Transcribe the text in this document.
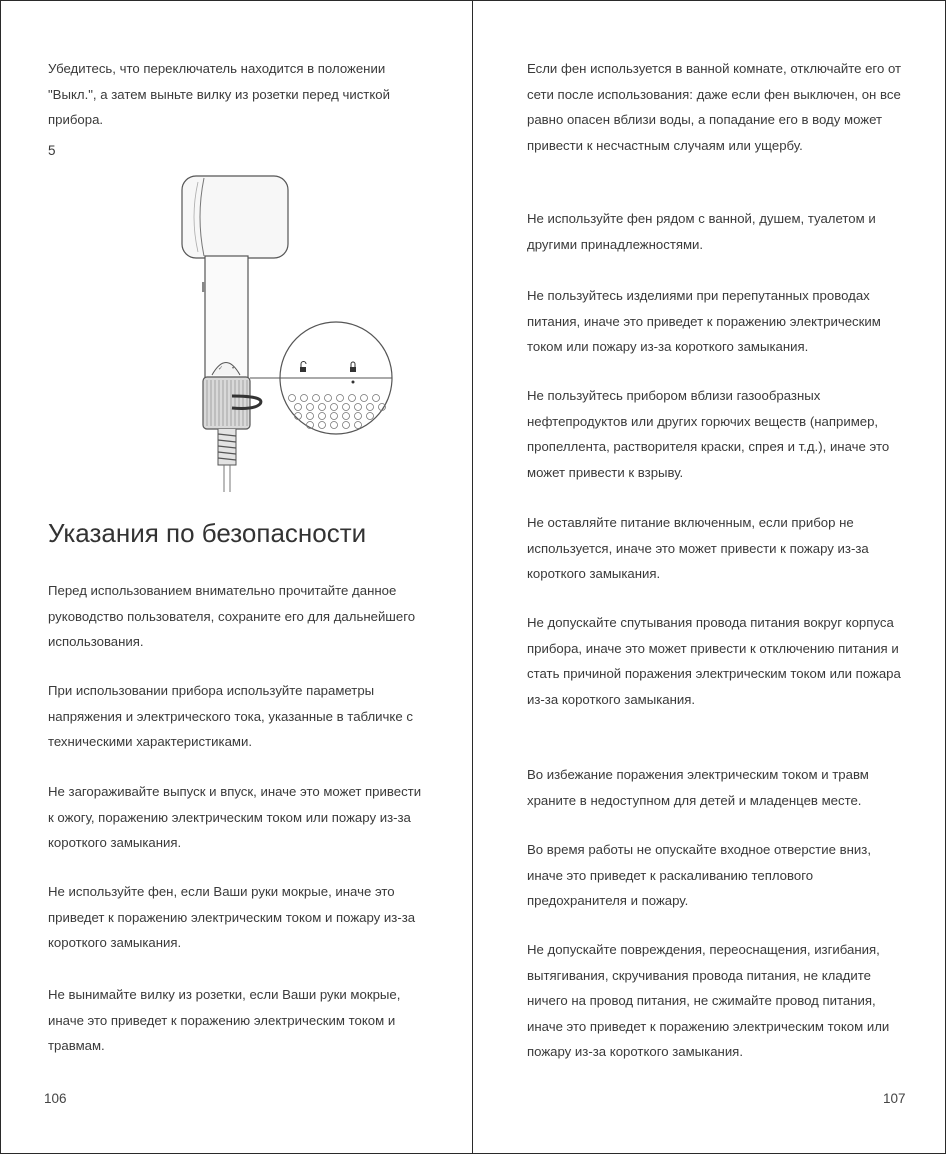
Убедитесь, что переключатель находится в положении "Выкл.", а затем выньте вилку из розетки перед чисткой прибора.

5
✓ •
Указания по безопасности

Перед использованием внимательно прочитайте данное руководство пользователя, сохраните его для дальнейшего использования.

При использовании прибора используйте параметры напряжения и электрического тока, указанные в табличке с техническими характеристиками.

Не загораживайте выпуск и впуск, иначе это может привести к ожогу, поражению электрическим током или пожару из-за короткого замыкания.

Не используйте фен, если Ваши руки мокрые, иначе это приведет к поражению электрическим током и пожару из-за короткого замыкания.

Не вынимайте вилку из розетки, если Ваши руки мокрые, иначе это приведет к поражению электрическим током и травмам.

106

Если фен используется в ванной комнате, отключайте его от сети после использования: даже если фен выключен, он все равно опасен вблизи воды, а попадание его в воду может привести к несчастным случаям или ущербу.

Не используйте фен рядом с ванной, душем, туалетом и другими принадлежностями.

Не пользуйтесь изделиями при перепутанных проводах питания, иначе это приведет к поражению электрическим током или пожару из-за короткого замыкания.

Не пользуйтесь прибором вблизи газообразных нефтепродуктов или других горючих веществ (например, пропеллента, растворителя краски, спрея и т.д.), иначе это может привести к взрыву.

Не оставляйте питание включенным, если прибор не используется, иначе это может привести к пожару из-за короткого замыкания.

Не допускайте спутывания провода питания вокруг корпуса прибора, иначе это может привести к отключению питания и стать причиной поражения электрическим током или пожара из-за короткого замыкания.

Во избежание поражения электрическим током и травм храните в недоступном для детей и младенцев месте.

Во время работы не опускайте входное отверстие вниз, иначе это приведет к раскаливанию теплового предохранителя и пожару.

Не допускайте повреждения, переоснащения, изгибания, вытягивания, скручивания провода питания, не кладите ничего на провод питания, не сжимайте провод питания, иначе это приведет к поражению электрическим током или пожару из-за короткого замыкания.

107
